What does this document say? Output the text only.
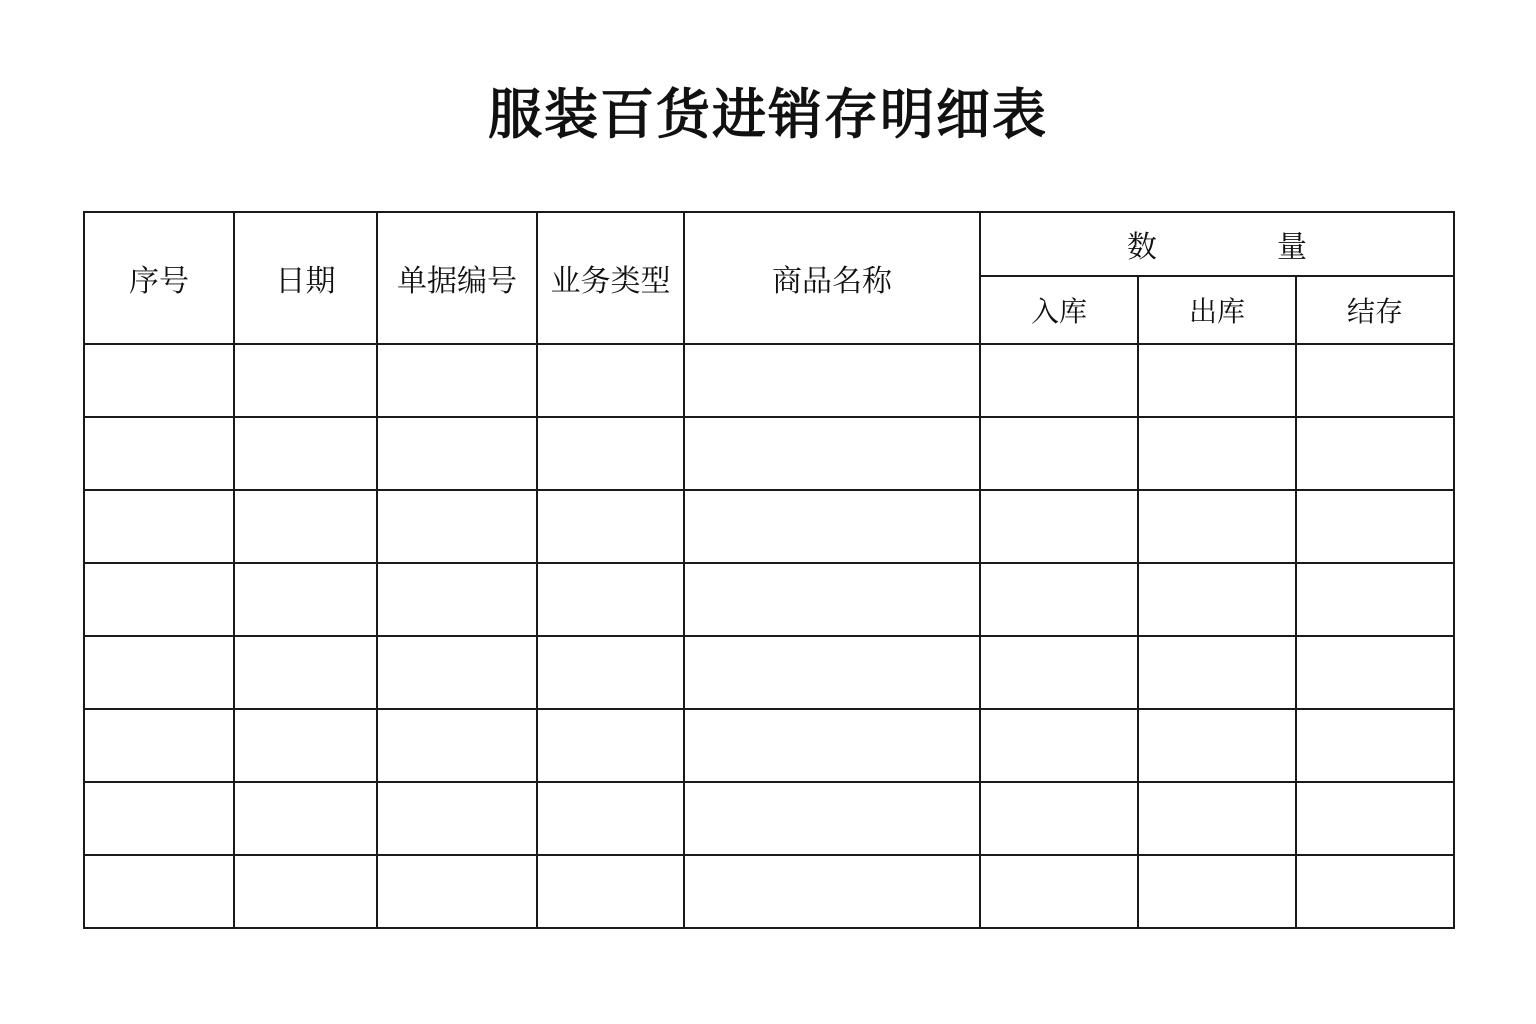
服装百货进销存明细表
序号	日期	单据编号	业务类型	商品名称	数　　量		
					入库	出库	结存
